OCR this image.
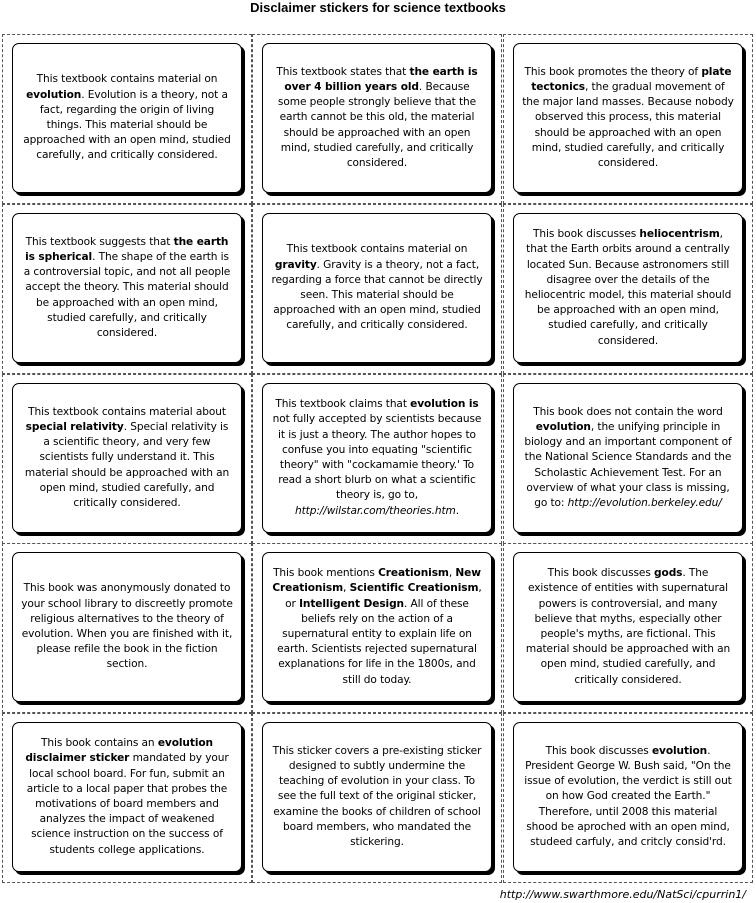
Disclaimer stickers for science textbooks
This textbook contains material on evolution. Evolution is a theory, not a fact, regarding the origin of living things. This material should be approached with an open mind, studied carefully, and critically considered.
This textbook states that the earth is over 4 billion years old. Because some people strongly believe that the earth cannot be this old, the material should be approached with an open mind, studied carefully, and critically considered.
This book promotes the theory of plate tectonics, the gradual movement of the major land masses. Because nobody observed this process, this material should be approached with an open mind, studied carefully, and critically considered.
This textbook suggests that the earth is spherical. The shape of the earth is a controversial topic, and not all people accept the theory. This material should be approached with an open mind, studied carefully, and critically considered.
This textbook contains material on gravity. Gravity is a theory, not a fact, regarding a force that cannot be directly seen. This material should be approached with an open mind, studied carefully, and critically considered.
This book discusses heliocentrism, that the Earth orbits around a centrally located Sun. Because astronomers still disagree over the details of the heliocentric model, this material should be approached with an open mind, studied carefully, and critically considered.
This textbook contains material about special relativity. Special relativity is a scientific theory, and very few scientists fully understand it. This material should be approached with an open mind, studied carefully, and critically considered.
This textbook claims that evolution is not fully accepted by scientists because it is just a theory. The author hopes to confuse you into equating "scientific theory" with "cockamamie theory.' To read a short blurb on what a scientific theory is, go to, http://wilstar.com/theories.htm.
This book does not contain the word evolution, the unifying principle in biology and an important component of the National Science Standards and the Scholastic Achievement Test. For an overview of what your class is missing, go to: http://evolution.berkeley.edu/
This book was anonymously donated to your school library to discreetly promote religious alternatives to the theory of evolution. When you are finished with it, please refile the book in the fiction section.
This book mentions Creationism, New Creationism, Scientific Creationism, or Intelligent Design. All of these beliefs rely on the action of a supernatural entity to explain life on earth. Scientists rejected supernatural explanations for life in the 1800s, and still do today.
This book discusses gods. The existence of entities with supernatural powers is controversial, and many believe that myths, especially other people's myths, are fictional. This material should be approached with an open mind, studied carefully, and critically considered.
This book contains an evolution disclaimer sticker mandated by your local school board. For fun, submit an article to a local paper that probes the motivations of board members and analyzes the impact of weakened science instruction on the success of students college applications.
This sticker covers a pre-existing sticker designed to subtly undermine the teaching of evolution in your class. To see the full text of the original sticker, examine the books of children of school board members, who mandated the stickering.
This book discusses evolution. President George W. Bush said, "On the issue of evolution, the verdict is still out on how God created the Earth." Therefore, until 2008 this material shood be aproched with an open mind, studeed carfuly, and critcly consid'rd.
http://www.swarthmore.edu/NatSci/cpurrin1/
